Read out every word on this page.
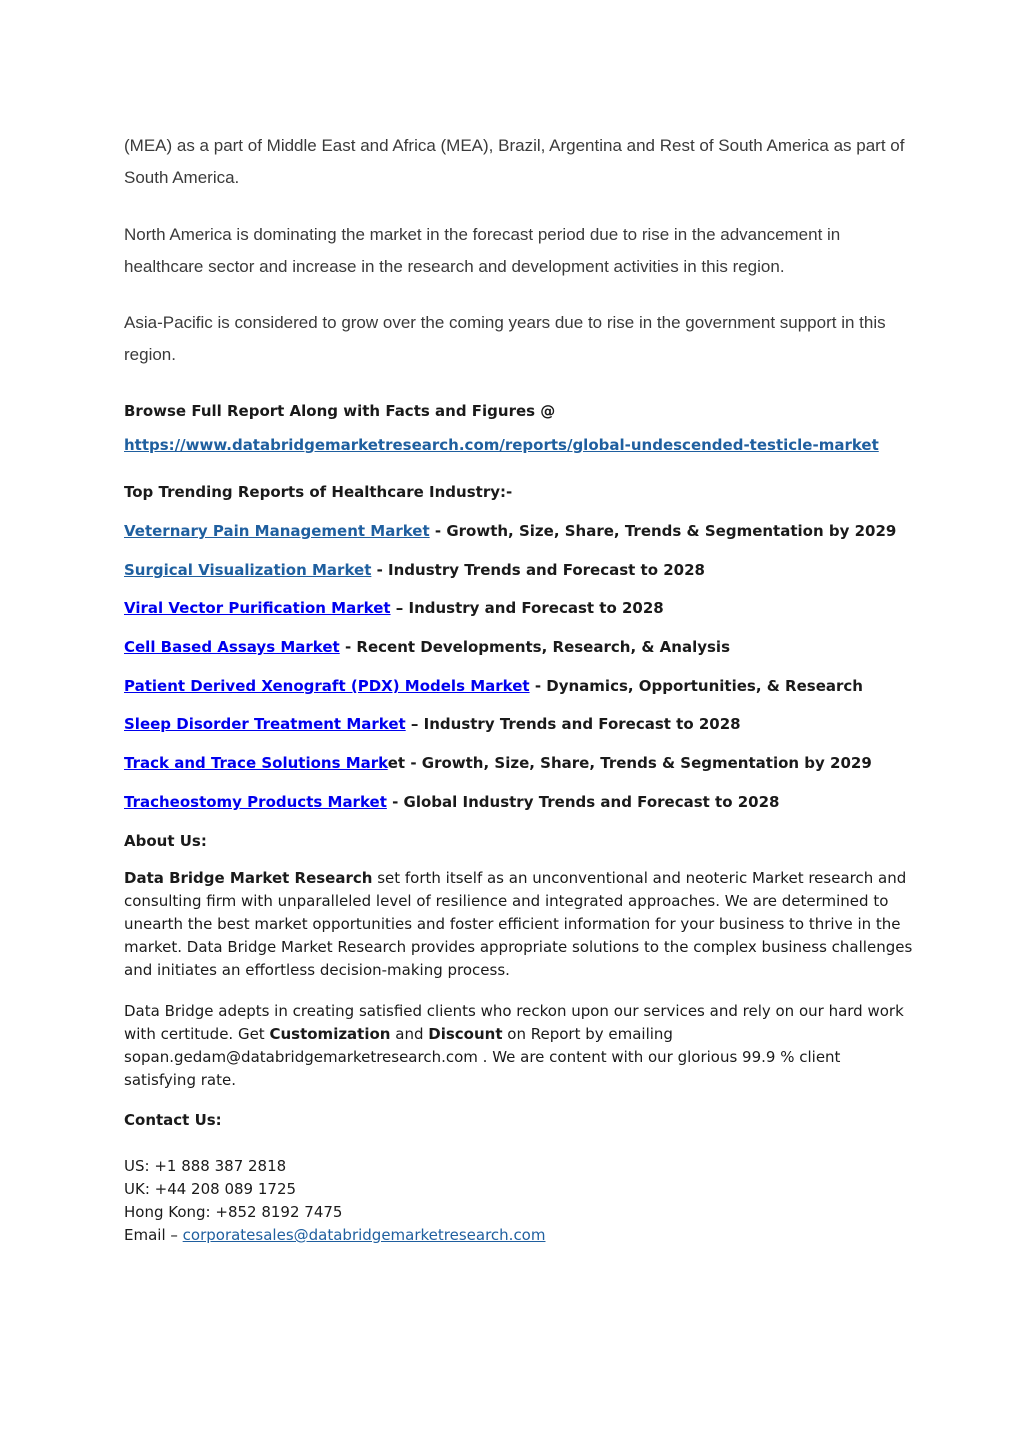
(MEA) as a part of Middle East and Africa (MEA), Brazil, Argentina and Rest of South America as part of South America.
North America is dominating the market in the forecast period due to rise in the advancement in healthcare sector and increase in the research and development activities in this region.
Asia-Pacific is considered to grow over the coming years due to rise in the government support in this region.
Browse Full Report Along with Facts and Figures @
https://www.databridgemarketresearch.com/reports/global-undescended-testicle-market
Top Trending Reports of Healthcare Industry:-
Veternary Pain Management Market - Growth, Size, Share, Trends & Segmentation by 2029
Surgical Visualization Market - Industry Trends and Forecast to 2028
Viral Vector Purification Market – Industry and Forecast to 2028
Cell Based Assays Market - Recent Developments, Research, & Analysis
Patient Derived Xenograft (PDX) Models Market - Dynamics, Opportunities, & Research
Sleep Disorder Treatment Market – Industry Trends and Forecast to 2028
Track and Trace Solutions Market - Growth, Size, Share, Trends & Segmentation by 2029
Tracheostomy Products Market - Global Industry Trends and Forecast to 2028
About Us:
Data Bridge Market Research set forth itself as an unconventional and neoteric Market research and consulting firm with unparalleled level of resilience and integrated approaches. We are determined to unearth the best market opportunities and foster efficient information for your business to thrive in the market. Data Bridge Market Research provides appropriate solutions to the complex business challenges and initiates an effortless decision-making process.
Data Bridge adepts in creating satisfied clients who reckon upon our services and rely on our hard work with certitude. Get Customization and Discount on Report by emailing sopan.gedam@databridgemarketresearch.com . We are content with our glorious 99.9 % client satisfying rate.
Contact Us:
US: +1 888 387 2818
UK: +44 208 089 1725
Hong Kong: +852 8192 7475
Email – corporatesales@databridgemarketresearch.com
